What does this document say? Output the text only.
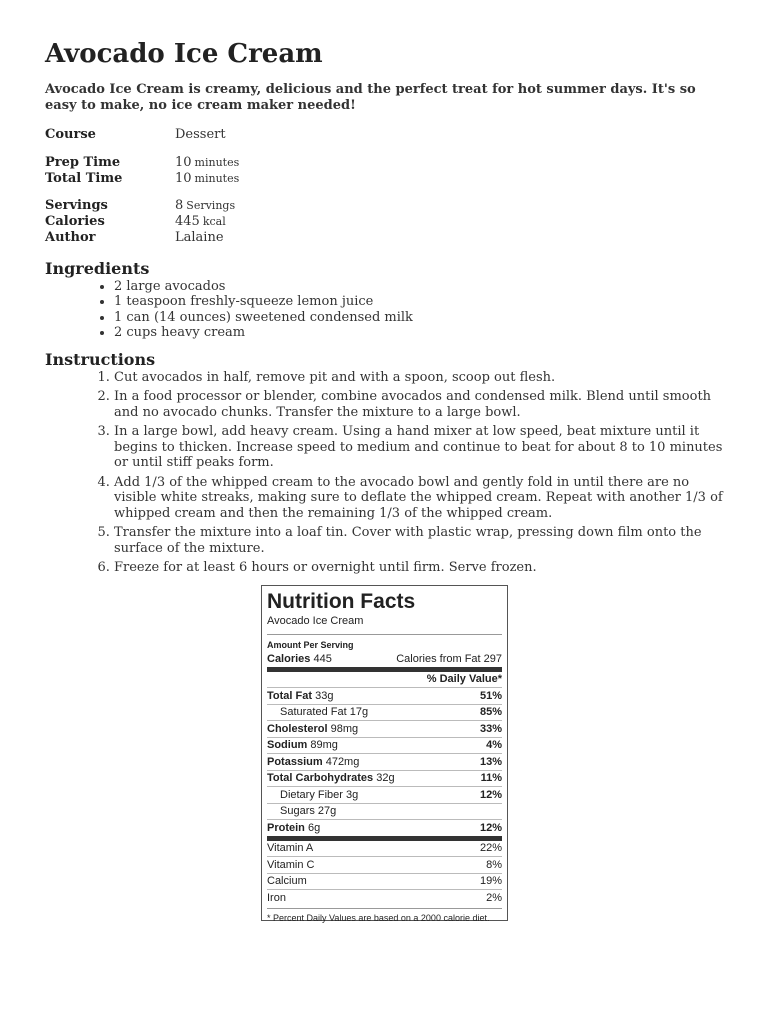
Avocado Ice Cream

Avocado Ice Cream is creamy, delicious and the perfect treat for hot summer days. It's so easy to make, no ice cream maker needed!

Course	Dessert
Prep Time	10 minutes
Total Time	10 minutes
Servings	8 Servings
Calories	445 kcal
Author	Lalaine
Ingredients
• 2 large avocados
• 1 teaspoon freshly-squeeze lemon juice
• 1 can (14 ounces) sweetened condensed milk
• 2 cups heavy cream
Instructions
1. Cut avocados in half, remove pit and with a spoon, scoop out flesh.
2. In a food processor or blender, combine avocados and condensed milk. Blend until smooth and no avocado chunks. Transfer the mixture to a large bowl.
3. In a large bowl, add heavy cream. Using a hand mixer at low speed, beat mixture until it begins to thicken. Increase speed to medium and continue to beat for about 8 to 10 minutes or until stiff peaks form.
4. Add 1/3 of the whipped cream to the avocado bowl and gently fold in until there are no visible white streaks, making sure to deflate the whipped cream. Repeat with another 1/3 of whipped cream and then the remaining 1/3 of the whipped cream.
5. Transfer the mixture into a loaf tin. Cover with plastic wrap, pressing down film onto the surface of the mixture.
6. Freeze for at least 6 hours or overnight until firm. Serve frozen.
Nutrition Facts
Avocado Ice Cream
Amount Per Serving
Calories 445	Calories from Fat 297
% Daily Value*
Total Fat 33g	51%
Saturated Fat 17g	85%
Cholesterol 98mg	33%
Sodium 89mg	4%
Potassium 472mg	13%
Total Carbohydrates 32g	11%
Dietary Fiber 3g	12%
Sugars 27g
Protein 6g	12%
Vitamin A	22%
Vitamin C	8%
Calcium	19%
Iron	2%
* Percent Daily Values are based on a 2000 calorie diet.
